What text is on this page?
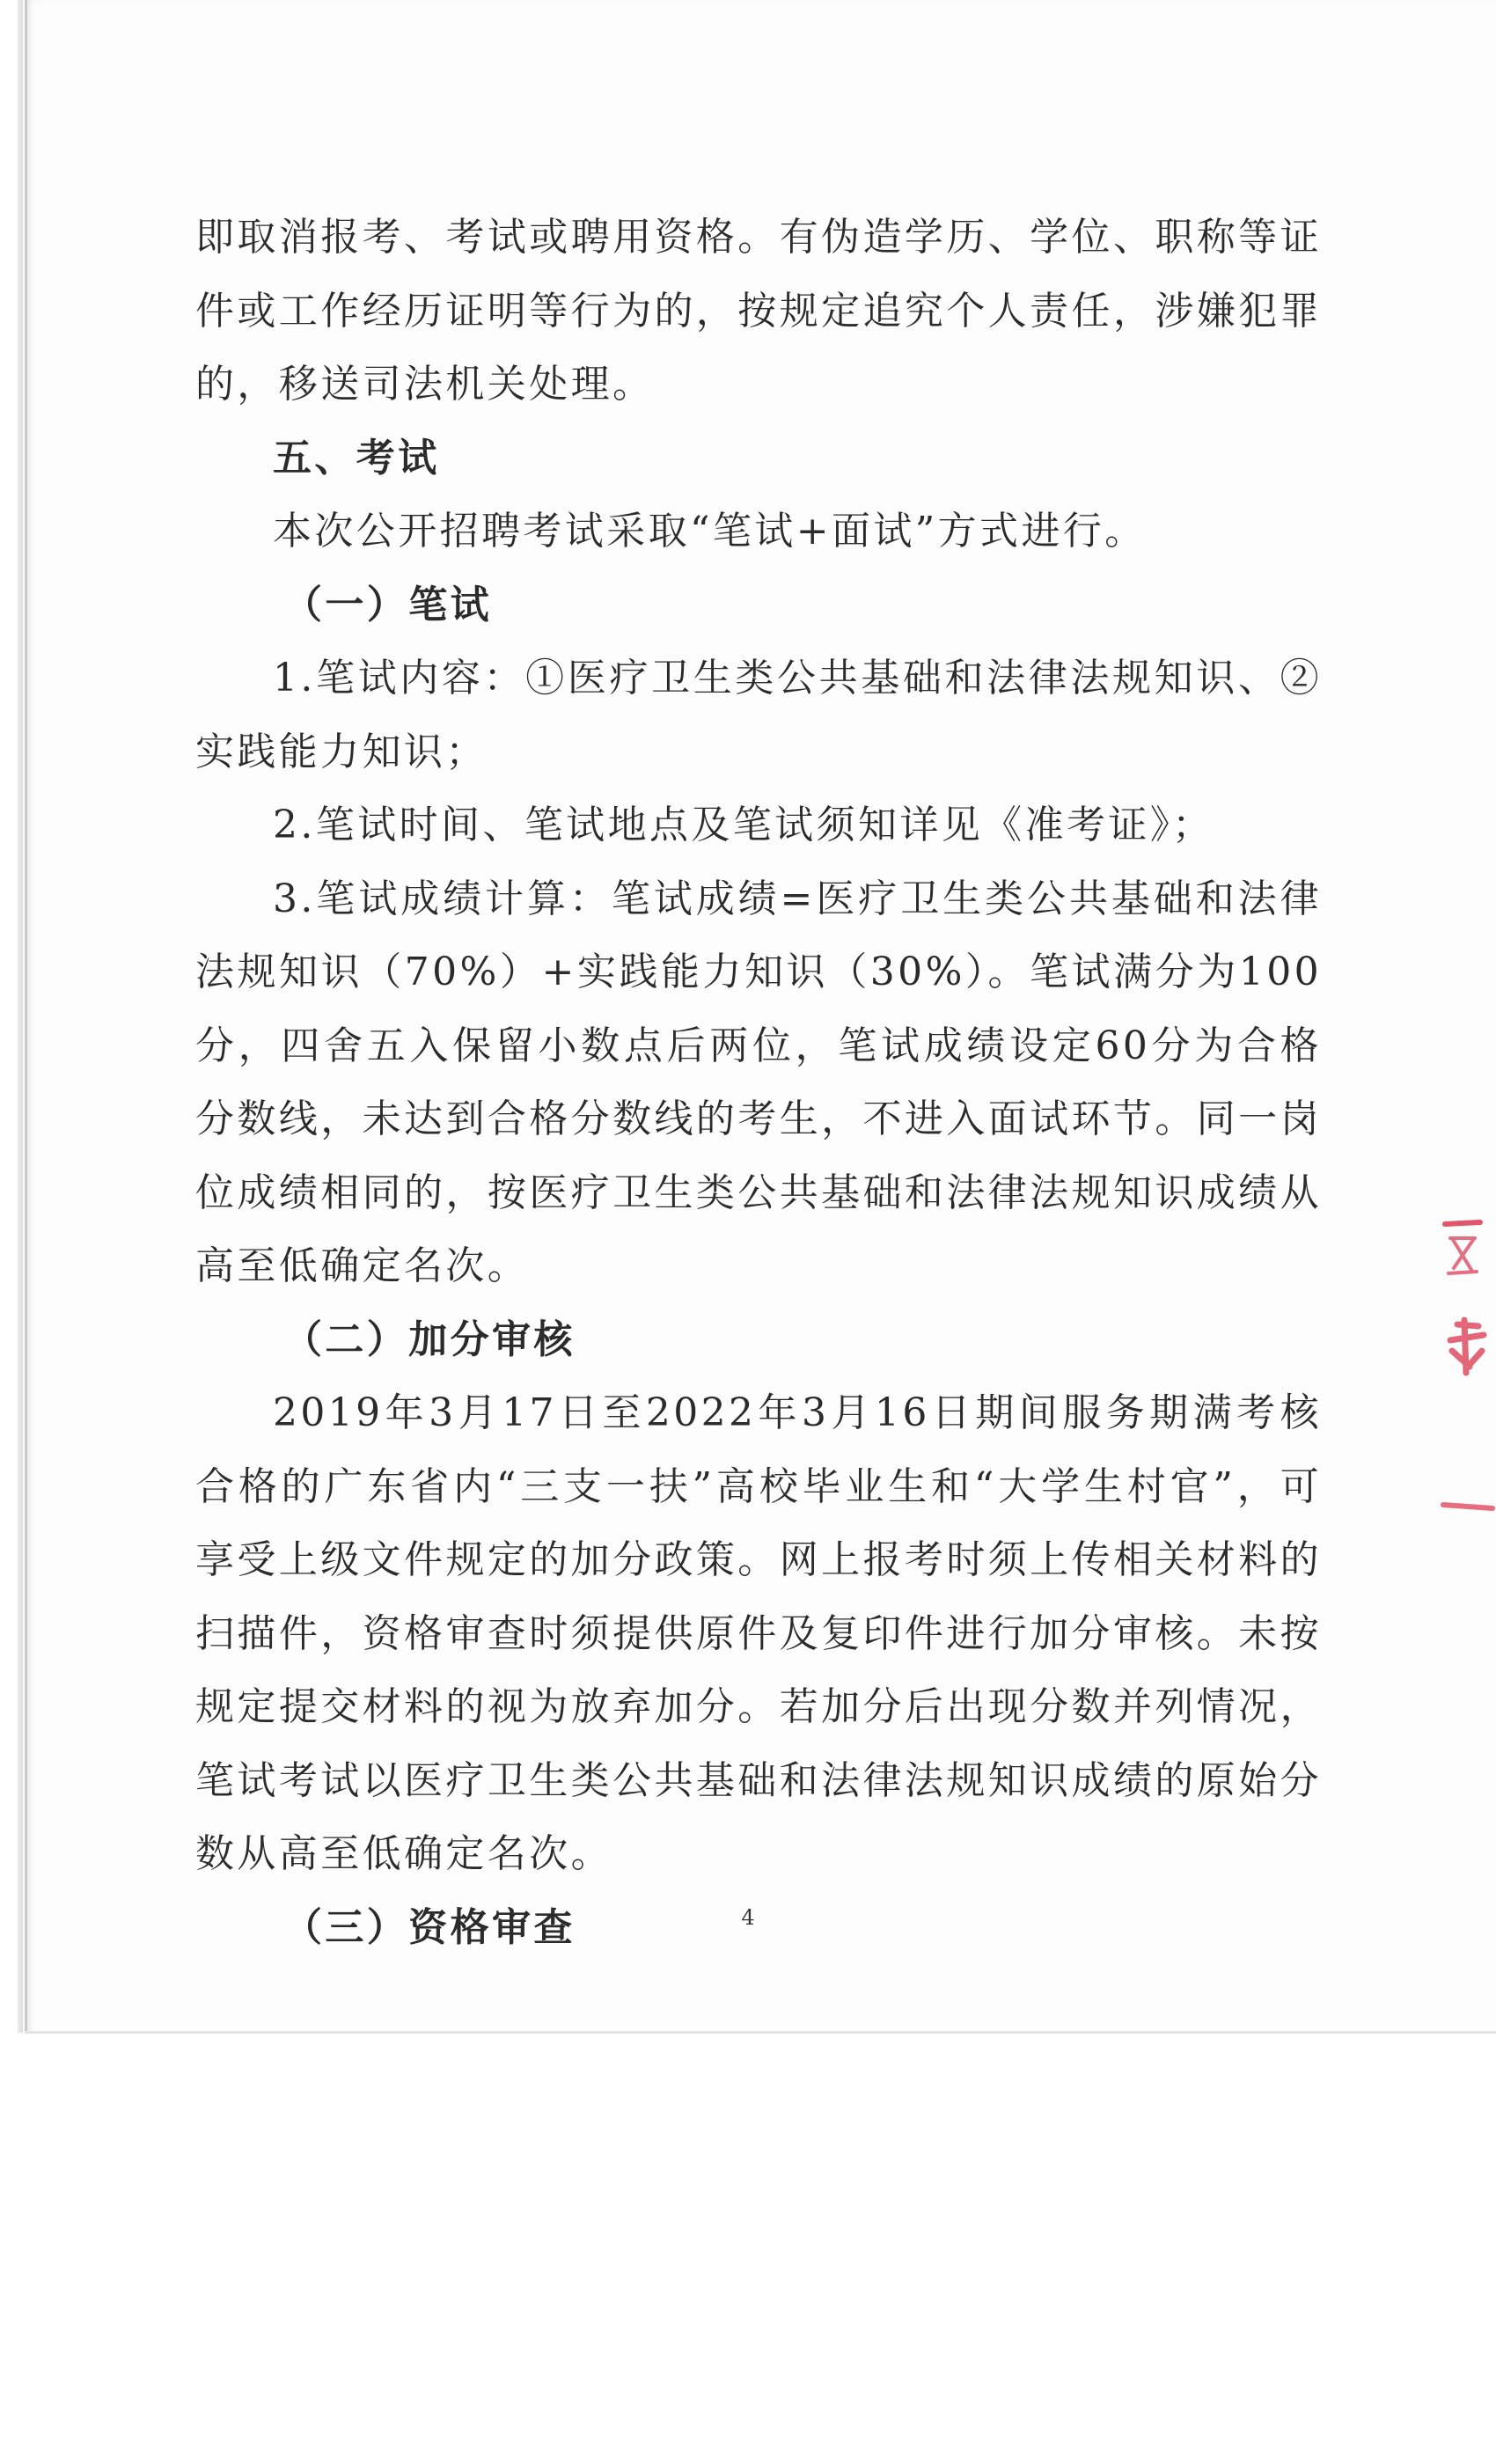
即取消报考、考试或聘用资格。有伪造学历、学位、职称等证件或工作经历证明等行为的，按规定追究个人责任，涉嫌犯罪的，移送司法机关处理。

五、考试

本次公开招聘考试采取“笔试+面试”方式进行。

（一）笔试

1.笔试内容：①医疗卫生类公共基础和法律法规知识、②实践能力知识；

2.笔试时间、笔试地点及笔试须知详见《准考证》；

3.笔试成绩计算：笔试成绩=医疗卫生类公共基础和法律法规知识（70%）+实践能力知识（30%）。笔试满分为100分，四舍五入保留小数点后两位，笔试成绩设定60分为合格分数线，未达到合格分数线的考生，不进入面试环节。同一岗位成绩相同的，按医疗卫生类公共基础和法律法规知识成绩从高至低确定名次。

（二）加分审核

2019年3月17日至2022年3月16日期间服务期满考核合格的广东省内“三支一扶”高校毕业生和“大学生村官”，可享受上级文件规定的加分政策。网上报考时须上传相关材料的扫描件，资格审查时须提供原件及复印件进行加分审核。未按规定提交材料的视为放弃加分。若加分后出现分数并列情况，笔试考试以医疗卫生类公共基础和法律法规知识成绩的原始分数从高至低确定名次。

（三）资格审查	4
